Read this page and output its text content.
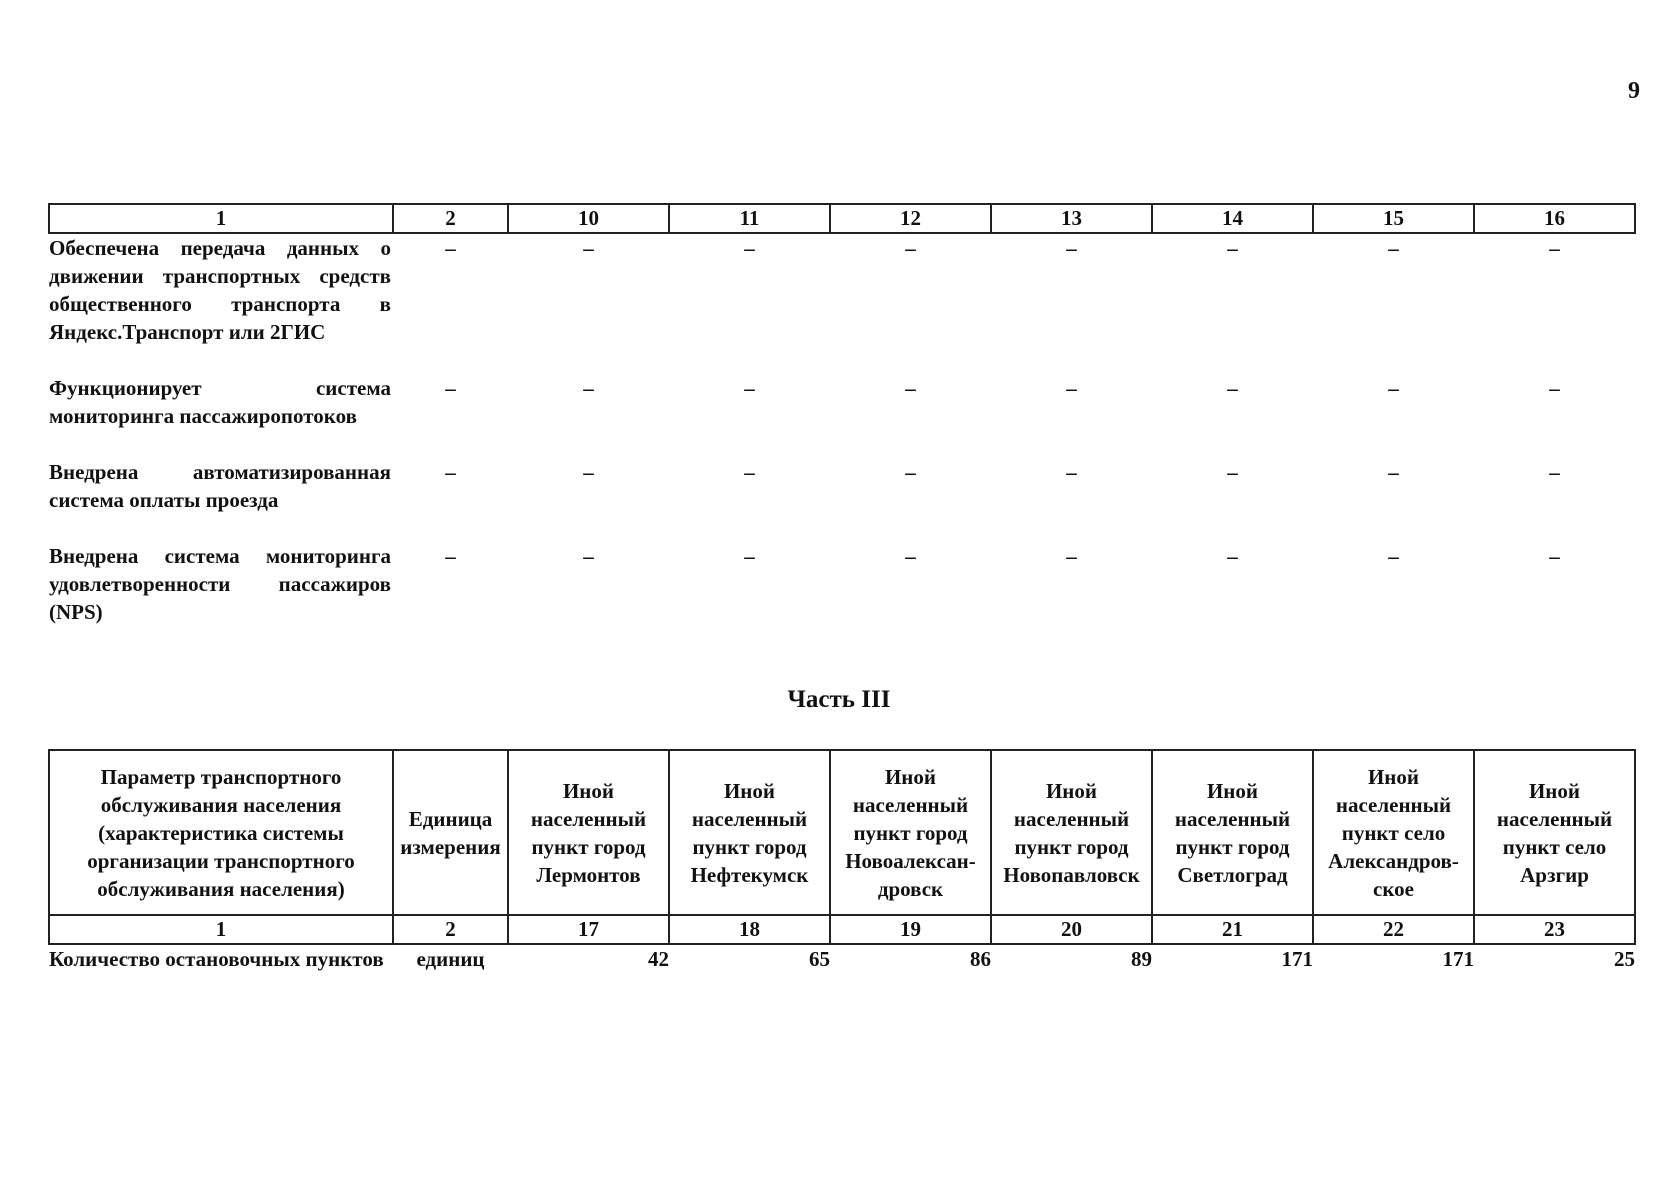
9
1	2	10	11	12	13	14	15	16
Обеспечена передача данных о движении транспортных средств общественного транспорта в Яндекс.Транспорт или 2ГИС	–	–	–	–	–	–	–	–
Функционирует система мониторинга пассажиропотоков	–	–	–	–	–	–	–	–
Внедрена автоматизированная система оплаты проезда	–	–	–	–	–	–	–	–
Внедрена система мониторинга удовлетворенности пассажиров (NPS)	–	–	–	–	–	–	–	–
Часть III
Параметр транспортного обслуживания населения (характеристика системы организации транспортного обслуживания населения)	Единица измерения	Иной населенный пункт город Лермонтов	Иной населенный пункт город Нефтекумск	Иной населенный пункт город Новоалексан-дровск	Иной населенный пункт город Новопавловск	Иной населенный пункт город Светлоград	Иной населенный пункт село Александров-ское	Иной населенный пункт село Арзгир
1	2	17	18	19	20	21	22	23
Количество остановочных пунктов	единиц	42	65	86	89	171	171	25
